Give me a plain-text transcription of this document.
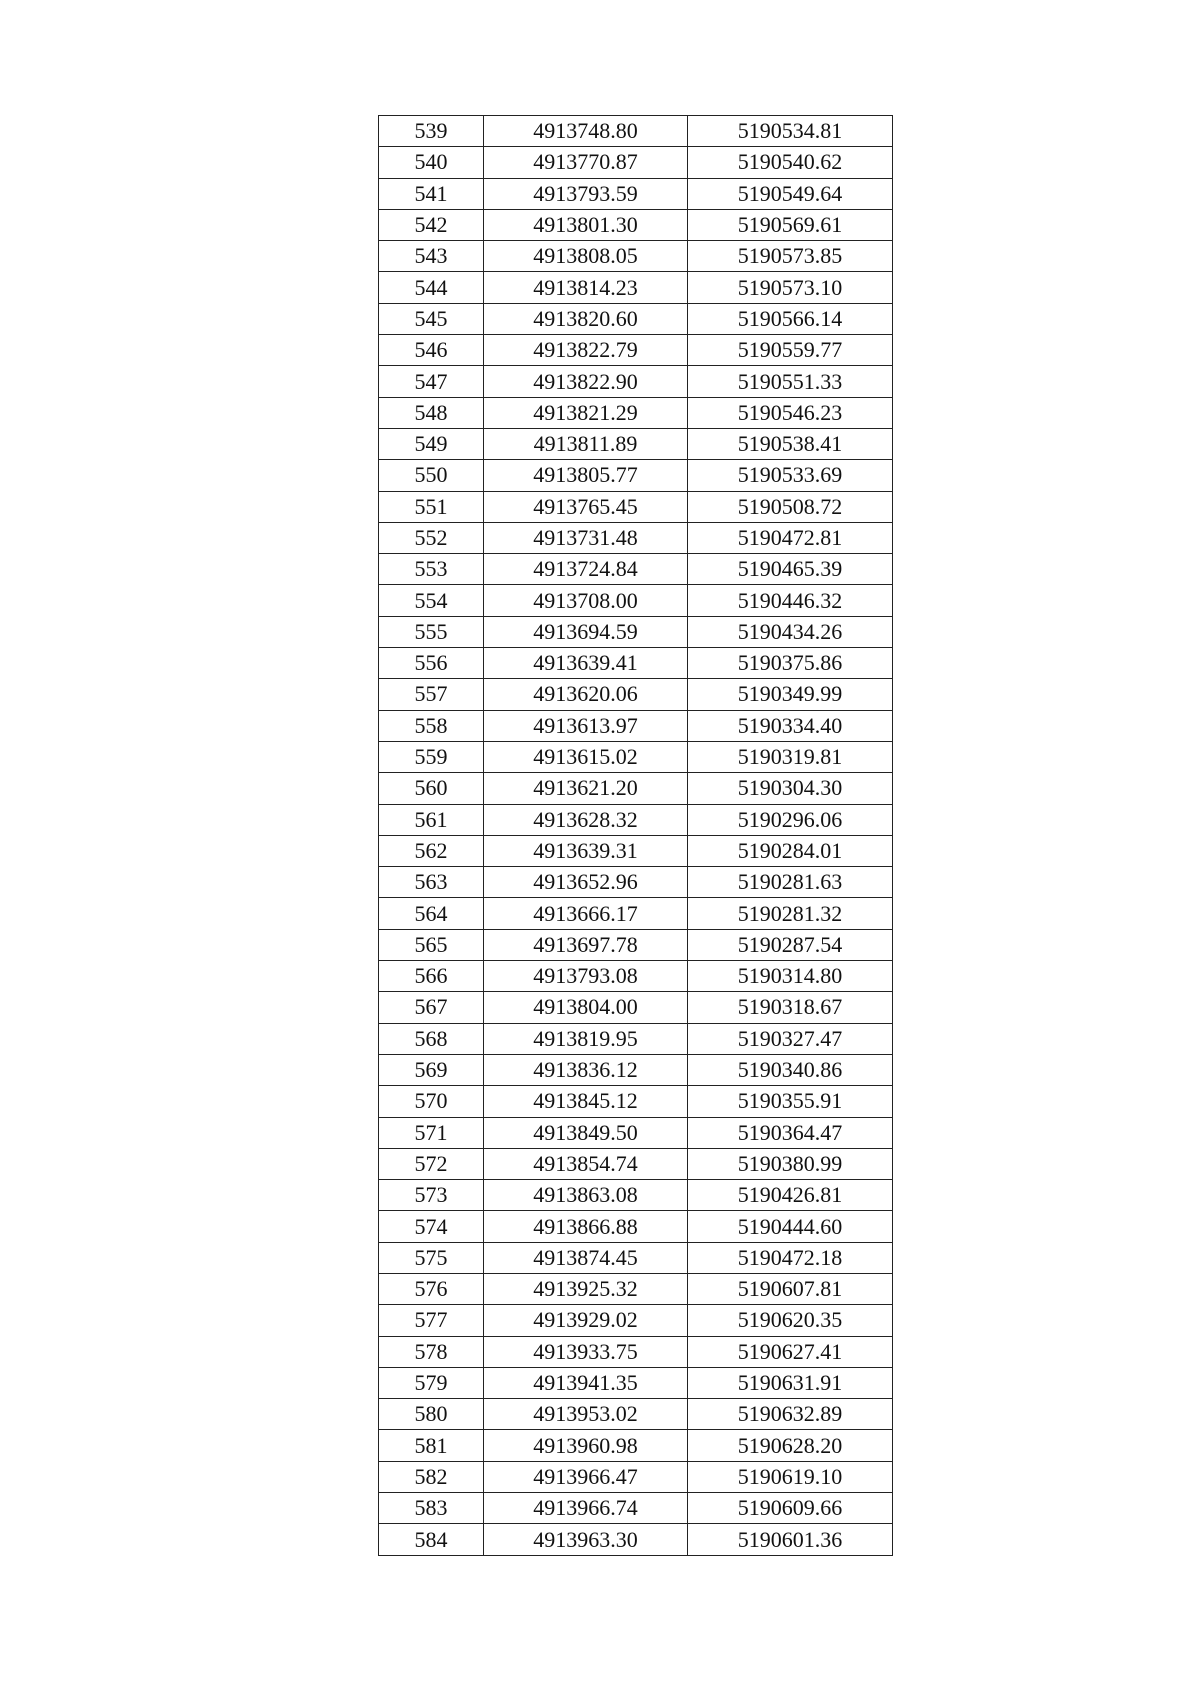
539	4913748.80	5190534.81
540	4913770.87	5190540.62
541	4913793.59	5190549.64
542	4913801.30	5190569.61
543	4913808.05	5190573.85
544	4913814.23	5190573.10
545	4913820.60	5190566.14
546	4913822.79	5190559.77
547	4913822.90	5190551.33
548	4913821.29	5190546.23
549	4913811.89	5190538.41
550	4913805.77	5190533.69
551	4913765.45	5190508.72
552	4913731.48	5190472.81
553	4913724.84	5190465.39
554	4913708.00	5190446.32
555	4913694.59	5190434.26
556	4913639.41	5190375.86
557	4913620.06	5190349.99
558	4913613.97	5190334.40
559	4913615.02	5190319.81
560	4913621.20	5190304.30
561	4913628.32	5190296.06
562	4913639.31	5190284.01
563	4913652.96	5190281.63
564	4913666.17	5190281.32
565	4913697.78	5190287.54
566	4913793.08	5190314.80
567	4913804.00	5190318.67
568	4913819.95	5190327.47
569	4913836.12	5190340.86
570	4913845.12	5190355.91
571	4913849.50	5190364.47
572	4913854.74	5190380.99
573	4913863.08	5190426.81
574	4913866.88	5190444.60
575	4913874.45	5190472.18
576	4913925.32	5190607.81
577	4913929.02	5190620.35
578	4913933.75	5190627.41
579	4913941.35	5190631.91
580	4913953.02	5190632.89
581	4913960.98	5190628.20
582	4913966.47	5190619.10
583	4913966.74	5190609.66
584	4913963.30	5190601.36
